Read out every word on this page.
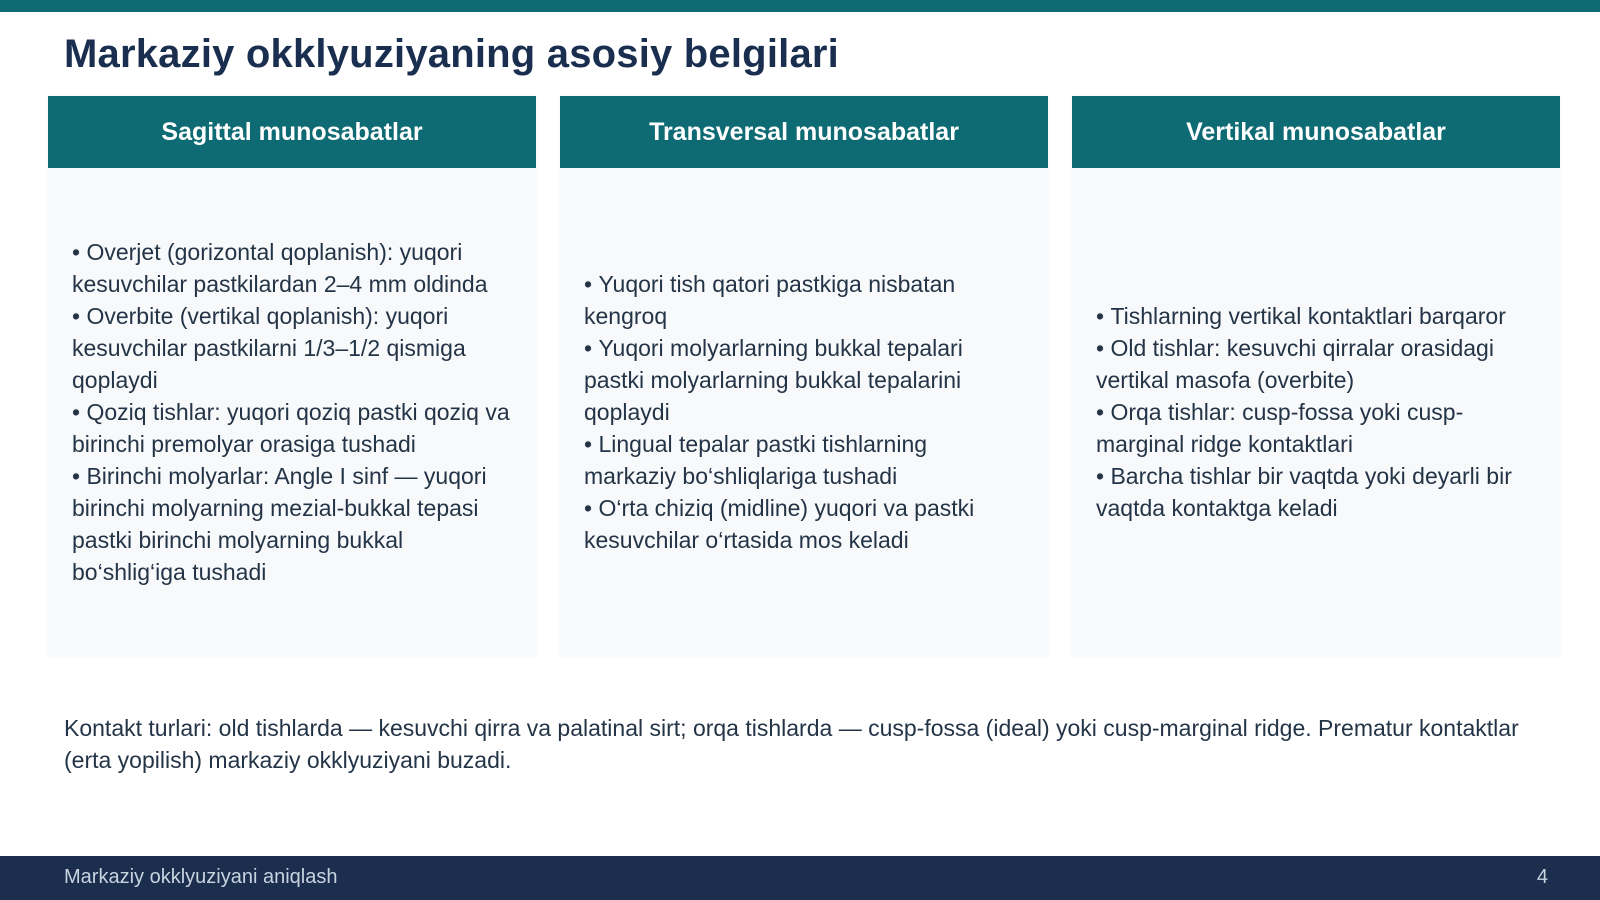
Markaziy okklyuziyaning asosiy belgilari
Sagittal munosabatlar
• Overjet (gorizontal qoplanish): yuqori kesuvchilar pastkilardan 2–4 mm oldinda
• Overbite (vertikal qoplanish): yuqori kesuvchilar pastkilarni 1/3–1/2 qismiga qoplaydi
• Qoziq tishlar: yuqori qoziq pastki qoziq va birinchi premolyar orasiga tushadi
• Birinchi molyarlar: Angle I sinf — yuqori birinchi molyarning mezial-bukkal tepasi pastki birinchi molyarning bukkal bo‘shlig‘iga tushadi
Transversal munosabatlar
• Yuqori tish qatori pastkiga nisbatan kengroq
• Yuqori molyarlarning bukkal tepalari pastki molyarlarning bukkal tepalarini qoplaydi
• Lingual tepalar pastki tishlarning markaziy bo‘shliqlariga tushadi
• O‘rta chiziq (midline) yuqori va pastki kesuvchilar o‘rtasida mos keladi
Vertikal munosabatlar
• Tishlarning vertikal kontaktlari barqaror
• Old tishlar: kesuvchi qirralar orasidagi vertikal masofa (overbite)
• Orqa tishlar: cusp-fossa yoki cusp-marginal ridge kontaktlari
• Barcha tishlar bir vaqtda yoki deyarli bir vaqtda kontaktga keladi

Kontakt turlari: old tishlarda — kesuvchi qirra va palatinal sirt; orqa tishlarda — cusp-fossa (ideal) yoki cusp-marginal ridge. Prematur kontaktlar (erta yopilish) markaziy okklyuziyani buzadi.

Markaziy okklyuziyani aniqlash	4
